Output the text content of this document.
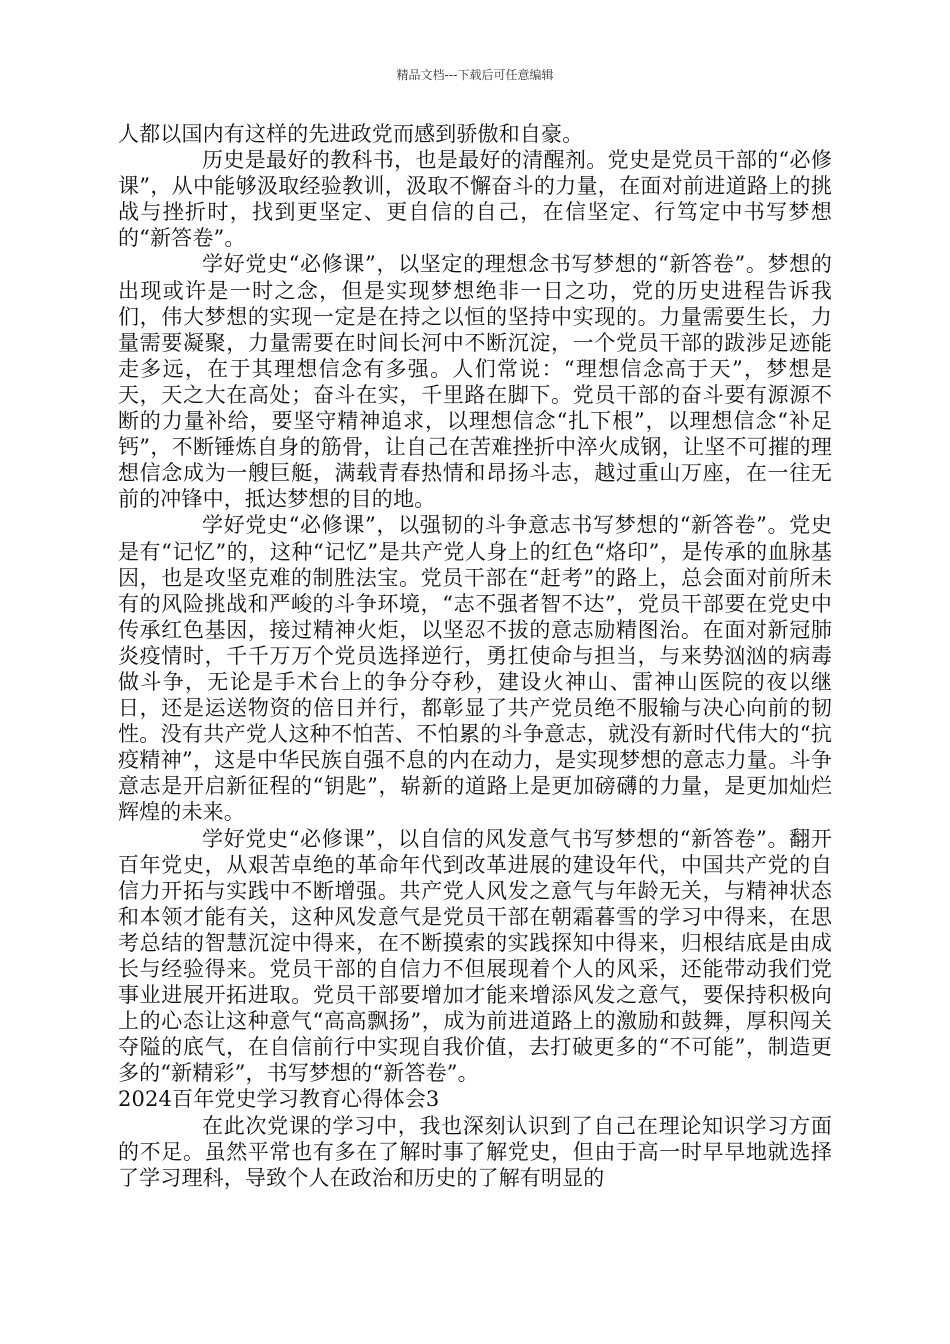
精品文档---下载后可任意编辑

人都以国内有这样的先进政党而感到骄傲和自豪。

历史是最好的教科书，也是最好的清醒剂。党史是党员干部的“必修课”，从中能够汲取经验教训，汲取不懈奋斗的力量，在面对前进道路上的挑战与挫折时，找到更坚定、更自信的自己，在信坚定、行笃定中书写梦想的“新答卷”。

学好党史“必修课”，以坚定的理想念书写梦想的“新答卷”。梦想的出现或许是一时之念，但是实现梦想绝非一日之功，党的历史进程告诉我们，伟大梦想的实现一定是在持之以恒的坚持中实现的。力量需要生长，力量需要凝聚，力量需要在时间长河中不断沉淀，一个党员干部的跋涉足迹能走多远，在于其理想信念有多强。人们常说：“理想信念高于天”，梦想是天，天之大在高处；奋斗在实，千里路在脚下。党员干部的奋斗要有源源不断的力量补给，要坚守精神追求，以理想信念“扎下根”，以理想信念“补足钙”，不断锤炼自身的筋骨，让自己在苦难挫折中淬火成钢，让坚不可摧的理想信念成为一艘巨艇，满载青春热情和昂扬斗志，越过重山万座，在一往无前的冲锋中，抵达梦想的目的地。

学好党史“必修课”，以强韧的斗争意志书写梦想的“新答卷”。党史是有“记忆”的，这种“记忆”是共产党人身上的红色“烙印”，是传承的血脉基因，也是攻坚克难的制胜法宝。党员干部在“赶考”的路上，总会面对前所未有的风险挑战和严峻的斗争环境，“志不强者智不达”，党员干部要在党史中传承红色基因，接过精神火炬，以坚忍不拔的意志励精图治。在面对新冠肺炎疫情时，千千万万个党员选择逆行，勇扛使命与担当，与来势汹汹的病毒做斗争，无论是手术台上的争分夺秒，建设火神山、雷神山医院的夜以继日，还是运送物资的倍日并行，都彰显了共产党员绝不服输与决心向前的韧性。没有共产党人这种不怕苦、不怕累的斗争意志，就没有新时代伟大的“抗疫精神”，这是中华民族自强不息的内在动力，是实现梦想的意志力量。斗争意志是开启新征程的“钥匙”，崭新的道路上是更加磅礴的力量，是更加灿烂辉煌的未来。

学好党史“必修课”，以自信的风发意气书写梦想的“新答卷”。翻开百年党史，从艰苦卓绝的革命年代到改革进展的建设年代，中国共产党的自信力开拓与实践中不断增强。共产党人风发之意气与年龄无关，与精神状态和本领才能有关，这种风发意气是党员干部在朝霜暮雪的学习中得来，在思考总结的智慧沉淀中得来，在不断摸索的实践探知中得来，归根结底是由成长与经验得来。党员干部的自信力不但展现着个人的风采，还能带动我们党事业进展开拓进取。党员干部要增加才能来增添风发之意气，要保持积极向上的心态让这种意气“高高飘扬”，成为前进道路上的激励和鼓舞，厚积闯关夺隘的底气，在自信前行中实现自我价值，去打破更多的“不可能”，制造更多的“新精彩”，书写梦想的“新答卷”。

2024百年党史学习教育心得体会3

在此次党课的学习中，我也深刻认识到了自己在理论知识学习方面的不足。虽然平常也有多在了解时事了解党史，但由于高一时早早地就选择了学习理科，导致个人在政治和历史的了解有明显的
